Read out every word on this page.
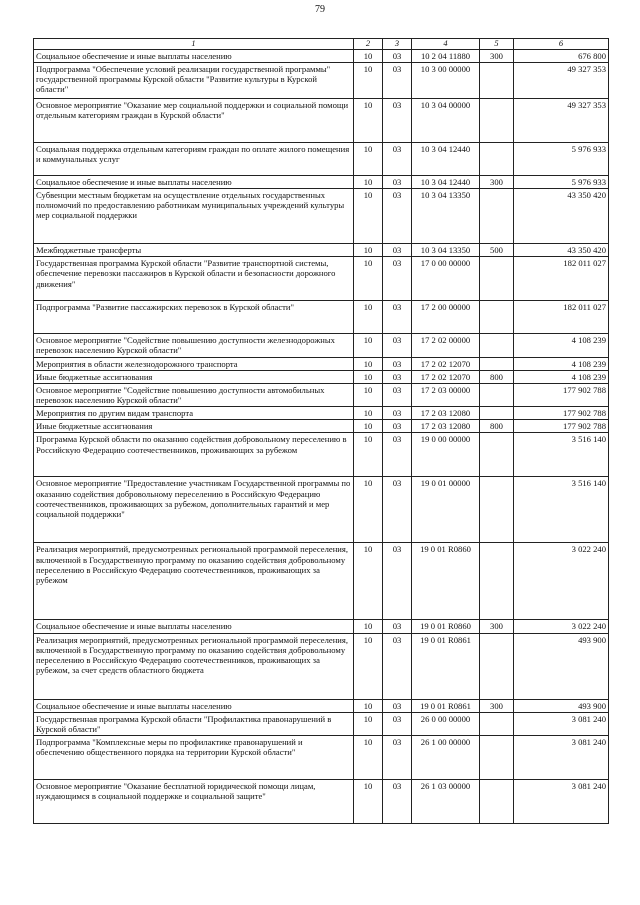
79
1	2	3	4	5	6
Социальное обеспечение и иные выплаты населению	10	03	10 2 04 11880	300	676 800
Подпрограмма "Обеспечение условий реализации государственной программы" государственной программы Курской области "Развитие культуры в Курской области"	10	03	10 3 00 00000		49 327 353
Основное мероприятие "Оказание мер социальной поддержки и социальной помощи отдельным категориям граждан в Курской области"	10	03	10 3 04 00000		49 327 353
Социальная поддержка отдельным категориям граждан по оплате жилого помещения и коммунальных услуг	10	03	10 3 04 12440		5 976 933
Социальное обеспечение и иные выплаты населению	10	03	10 3 04 12440	300	5 976 933
Субвенции местным бюджетам на осуществление отдельных государственных полномочий по предоставлению работникам муниципальных учреждений культуры мер социальной поддержки	10	03	10 3 04 13350		43 350 420
Межбюджетные трансферты	10	03	10 3 04 13350	500	43 350 420
Государственная программа Курской области "Развитие транспортной системы, обеспечение перевозки пассажиров в Курской области и безопасности дорожного движения"	10	03	17 0 00 00000		182 011 027
Подпрограмма "Развитие пассажирских перевозок в Курской области"	10	03	17 2 00 00000		182 011 027
Основное мероприятие "Содействие повышению доступности железнодорожных перевозок населению Курской области"	10	03	17 2 02 00000		4 108 239
Мероприятия в области железнодорожного транспорта	10	03	17 2 02 12070		4 108 239
Иные бюджетные ассигнования	10	03	17 2 02 12070	800	4 108 239
Основное мероприятие "Содействие повышению доступности автомобильных перевозок населению Курской области"	10	03	17 2 03 00000		177 902 788
Мероприятия по другим видам транспорта	10	03	17 2 03 12080		177 902 788
Иные бюджетные ассигнования	10	03	17 2 03 12080	800	177 902 788
Программа Курской области по оказанию содействия добровольному переселению в Российскую Федерацию соотечественников, проживающих за рубежом	10	03	19 0 00 00000		3 516 140
Основное мероприятие "Предоставление участникам Государственной программы по оказанию содействия добровольному переселению в Российскую Федерацию соотечественников, проживающих за рубежом, дополнительных гарантий и мер социальной поддержки"	10	03	19 0 01 00000		3 516 140
Реализация мероприятий, предусмотренных региональной программой переселения, включенной в Государственную программу по оказанию содействия добровольному переселению в Российскую Федерацию соотечественников, проживающих за рубежом	10	03	19 0 01 R0860		3 022 240
Социальное обеспечение и иные выплаты населению	10	03	19 0 01 R0860	300	3 022 240
Реализация мероприятий, предусмотренных региональной программой переселения, включенной в Государственную программу по оказанию содействия добровольному переселению в Российскую Федерацию соотечественников, проживающих за рубежом, за счет средств областного бюджета	10	03	19 0 01 R0861		493 900
Социальное обеспечение и иные выплаты населению	10	03	19 0 01 R0861	300	493 900
Государственная программа Курской области "Профилактика правонарушений в Курской области"	10	03	26 0 00 00000		3 081 240
Подпрограмма "Комплексные меры по профилактике правонарушений и обеспечению общественного порядка на территории Курской области"	10	03	26 1 00 00000		3 081 240
Основное мероприятие "Оказание бесплатной юридической помощи лицам, нуждающимся в социальной поддержке и социальной защите"	10	03	26 1 03 00000		3 081 240
